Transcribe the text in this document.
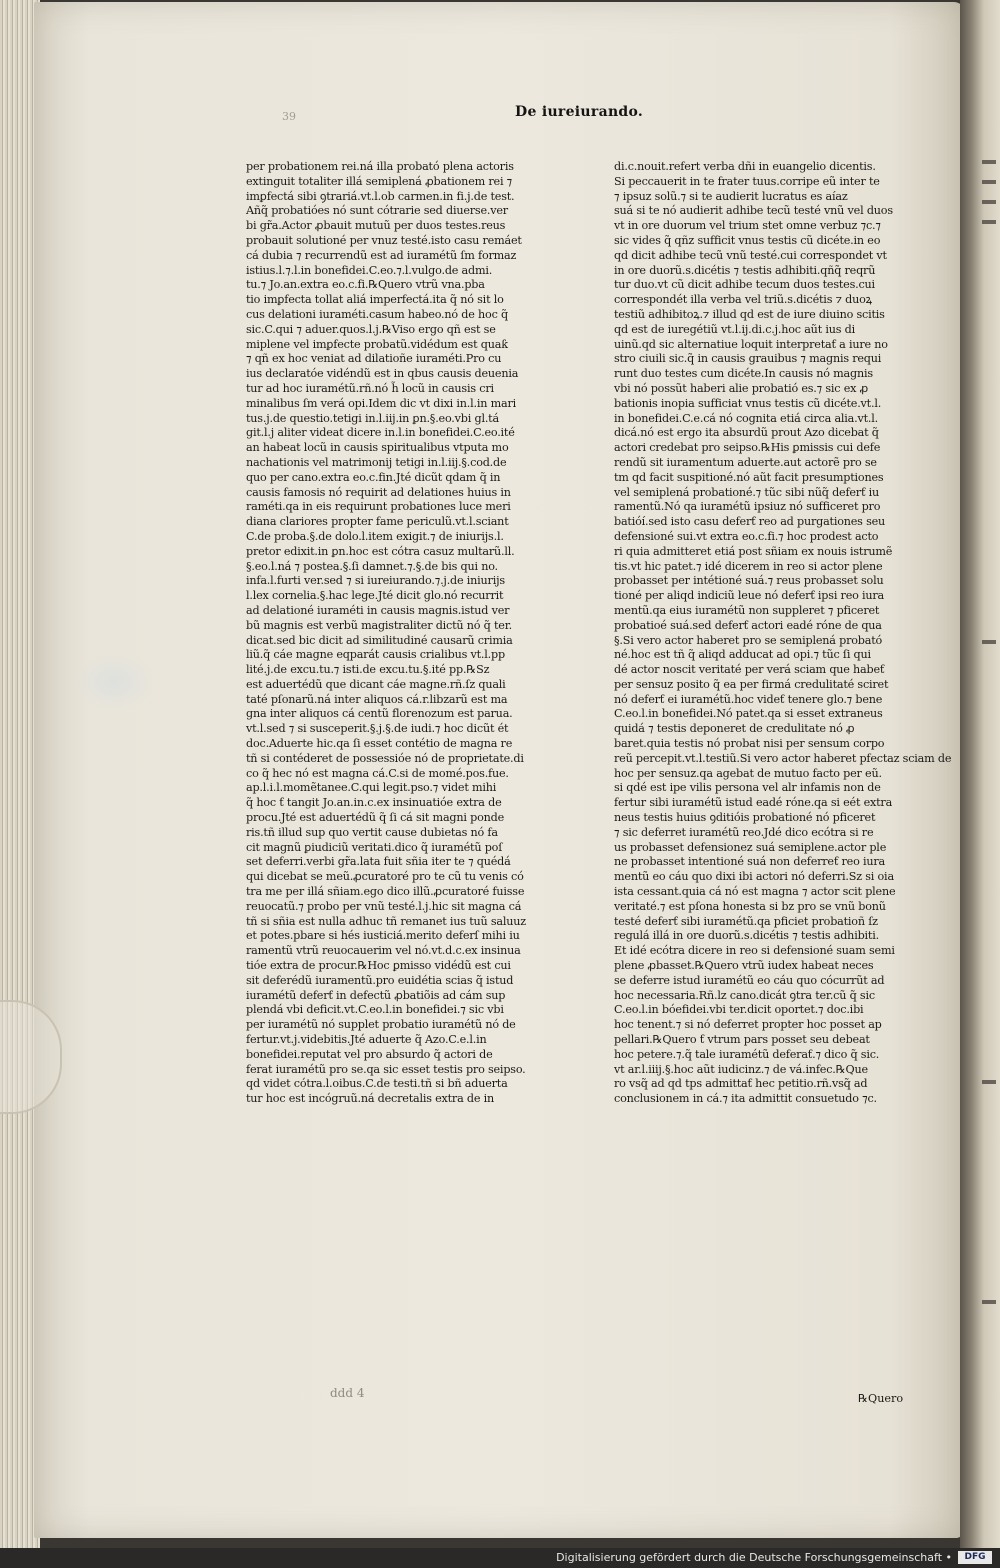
39	De iureiurando.
per probationem rei.ná illa probató plena actoris
extinguit totaliter illá semiplená ꝓbationem rei ⁊
imꝑfectá sibi ꝯtrariá.vt.l.ob carmen.in fi.j.de test.
Añq̃ probatióes nó sunt cótrarie sed diuerse.ver
bi gr̃a.Actor ꝓbauit mutuũ per duos testes.reus
probauit solutioné per vnuz testé.isto casu remáet
cá dubia ⁊ recurrendũ est ad iuramétũ ſm formaz
istius.l.⁊.l.in bonefidei.C.eo.⁊.l.vulgo.de admi.
tu.⁊ Jo.an.extra eo.c.fi.℞Quero vtrũ vna.pba
tio imꝑfecta tollat aliá imperfectá.ita q̃ nó sit lo
cus delationi iuraméti.casum habeo.nó de hoc q̃
sic.C.qui ⁊ aduer.quos.l.j.℞Viso ergo qñ est se
miplene vel imꝑfecte probatũ.vidédum est quaƙ
⁊ qñ ex hoc veniat ad dilatioñe iuraméti.Pro cu
ius declaratóe vidéndũ est in qbus causis deuenia
tur ad hoc iuramétũ.rñ.nó h̃ locũ in causis cri
minalibus ſm verá opi.Idem dic vt dixi in.l.in mari
tus.j.de questio.tetigi in.l.iij.in ꝑn.§.eo.vbi gl.tá
git.l.j aliter videat dicere in.l.in bonefidei.C.eo.ité
an habeat locũ in causis spiritualibus vtputa mo
nachationis vel matrimonij tetigi in.l.iij.§.cod.de
quo per cano.extra eo.c.fin.Jté dicũt qdam q̃ in
causis famosis nó requirit ad delationes huius in
raméti.qa in eis requirunt probationes luce meri
diana clariores propter fame periculũ.vt.l.sciant
C.de proba.§.de dolo.l.item exigit.⁊ de iniurijs.l.
pretor edixit.in ꝑn.hoc est cótra casuz multarũ.ll.
§.eo.l.ná ⁊ postea.§.ſi damnet.⁊.§.de bis qui no.
infa.l.furti ver.sed ⁊ si iureiurando.⁊.j.de iniurijs
l.lex cornelia.§.hac lege.Jté dicit glo.nó recurrit
ad delationé iuraméti in causis magnis.istud ver
bũ magnis est verbũ magistraliter dictũ nó q̃ ter.
dicat.sed bic dicit ad similitudiné causarũ crimia
liũ.q̃ cáe magne eqparát causis crialibus vt.l.pp
lité.j.de excu.tu.⁊ isti.de excu.tu.§.ité pp.℞Sz
est aduertédũ que dicant cáe magne.rñ.ſz quali
taté pſonarũ.ná inter aliquos cá.r.libzarũ est ma
gna inter aliquos cá centũ florenozum est parua.
vt.l.sed ⁊ si susceperit.§.j.§.de iudi.⁊ hoc dicũt ét
doc.Aduerte hic.qa ſi esset contétio de magna re
tñ si contéderet de possessióe nó de proprietate.di
co q̃ hec nó est magna cá.C.si de momé.pos.fue.
ap.l.i.l.momẽtanee.C.qui legit.pso.⁊ videt mihi
q̃ hoc ƭ tangit Jo.an.in.c.ex insinuatióe extra de
procu.Jté est aduertédũ q̃ ſi cá sit magni ponde
ris.tñ illud sup quo vertit cause dubietas nó fa
cit magnũ ꝑiudiciũ veritati.dico q̃ iuramétũ poſ
set deferri.verbi gr̃a.lata fuit sñia iter te ⁊ quédá
qui dicebat se meũ.ꝓcuratoré pro te cũ tu venis có
tra me per illá sñiam.ego dico illũ.ꝓcuratoré fuisse
reuocatũ.⁊ probo per vnũ testé.l.j.hic sit magna cá
tñ si sñia est nulla adhuc tñ remanet ius tuũ saluuz
et potes.pbare si hés iusticiá.merito deferſ mihi iu
ramentũ vtrũ reuocauerim vel nó.vt.d.c.ex insinua
tióe extra de procur.℞Hoc ꝑmisso vidédũ est cui
sit deferédũ iuramentũ.pro euidétia scias q̃ istud
iuramétũ deferƭ in defectũ ꝓbatiõis ad cám sup
plendá vbi deficit.vt.C.eo.l.in bonefidei.⁊ sic vbi
per iuramétũ nó supplet probatio iuramétũ nó de
fertur.vt.j.videbitis.Jté aduerte q̃ Azo.C.e.l.in
bonefidei.reputat vel pro absurdo q̃ actori de
ferat iuramétũ pro se.qa sic esset testis pro seipso.
qd videt cótra.l.oibus.C.de testi.tñ si bñ aduerta
tur hoc est incógruũ.ná decretalis extra de in
di.c.nouit.refert verba dñi in euangelio dicentis.
Si peccauerit in te frater tuus.corripe eũ inter te
⁊ ipsuz solũ.⁊ si te audierit lucratus es aíaz
suá si te nó audierit adhibe tecũ testé vnũ vel duos
vt in ore duorum vel trium stet omne verbuz ⁊c.⁊
sic vides q̃ qñz sufficit vnus testis cũ dicéte.in eo
qd dicit adhibe tecũ vnũ testé.cui correspondet vt
in ore duorũ.s.dicétis ⁊ testis adhibiti.qñq̃ reqrũ
tur duo.vt cũ dicit adhibe tecum duos testes.cui
correspondét illa verba vel triũ.s.dicétis ⁊ duoꝝ
testiũ adhibitoꝝ.⁊ illud qd est de iure diuino scitis
qd est de iuregétiũ vt.l.ij.di.c.j.hoc aũt ius di
uinũ.qd sic alternatiue loquit interpretaƭ a iure no
stro ciuili sic.q̃ in causis grauibus ⁊ magnis requi
runt duo testes cum dicéte.In causis nó magnis
vbi nó possũt haberi alie probatió es.⁊ sic ex ꝓ
bationis inopia sufficiat vnus testis cũ dicéte.vt.l.
in bonefidei.C.e.cá nó cognita etiá circa alia.vt.l.
dicá.nó est ergo ita absurdũ prout Azo dicebat q̃
actori credebat pro seipso.℞His ꝑmissis cui defe
rendũ sit iuramentum aduerte.aut actorẽ pro se
tm qd facit suspitioné.nó aũt facit presumptiones
vel semiplená probationé.⁊ tũc sibi nũq̃ deferƭ iu
ramentũ.Nó qa iuramétũ ipsiuz nó sufficeret pro
batióí.sed isto casu deferƭ reo ad purgationes seu
defensioné sui.vt extra eo.c.fi.⁊ hoc prodest acto
ri quia admitteret etiá post sñiam ex nouis istrumẽ
tis.vt hic patet.⁊ idé dicerem in reo si actor plene
probasset per intétioné suá.⁊ reus probasset solu
tioné per aliqd indiciũ leue nó deferƭ ipsi reo iura
mentũ.qa eius iuramétũ non suppleret ⁊ pficeret
probatioé suá.sed deferƭ actori eadé róne de qua
§.Si vero actor haberet pro se semiplená probató
né.hoc est tñ q̃ aliqd adducat ad opi.⁊ tũc ſi qui
dé actor noscit veritaté per verá sciam que habeƭ
per sensuz posito q̃ ea per firmá credulitaté sciret
nó deferƭ ei iuramétũ.hoc videƭ tenere glo.⁊ bene
C.eo.l.in bonefidei.Nó patet.qa si esset extraneus
quidá ⁊ testis deponeret de credulitate nó ꝓ
baret.quia testis nó probat nisi per sensum corpo
reũ percepit.vt.l.testiũ.Si vero actor haberet pfectaz sciam de
hoc per sensuz.qa agebat de mutuo facto per eũ.
si qdé est ipe vilis persona vel alr infamis non de
fertur sibi iuramétũ istud eadé róne.qa si eét extra
neus testis huius ꝯditióis probationé nó pficeret
⁊ sic deferret iuramétũ reo.Jdé dico ecótra si re
us probasset defensionez suá semiplene.actor ple
ne probasset intentioné suá non deferreƭ reo iura
mentũ eo cáu quo dixi ibi actori nó deferri.Sz si oia
ista cessant.quia cá nó est magna ⁊ actor scit plene
veritaté.⁊ est pſona honesta si bz pro se vnũ bonũ
testé deferƭ sibi iuramétũ.qa pficiet probatioñ ſz
regulá illá in ore duorũ.s.dicétis ⁊ testis adhibiti.
Et idé ecótra dicere in reo si defensioné suam semi
plene ꝓbasset.℞Quero vtrũ iudex habeat neces
se deferre istud iuramétũ eo cáu quo cócurrũt ad
hoc necessaria.Rñ.lz cano.dicát ꝯtra ter.cũ q̃ sic
C.eo.l.in bóefidei.vbi ter.dicit oportet.⁊ doc.ibi
hoc tenent.⁊ si nó deferret propter hoc posset ap
pellari.℞Quero ƭ vtrum pars posset seu debeat
hoc petere.⁊.q̃ tale iuramétũ deferaƭ.⁊ dico q̃ sic.
vt ar.l.iiij.§.hoc aũt iudicinz.⁊ de vá.infec.℞Que
ro vsq̃ ad qd tps admittaƭ hec petitio.rñ.vsq̃ ad
conclusionem in cá.⁊ ita admittit consuetudo ⁊c.
ddd 4	℞Quero
Digitalisierung gefördert durch die Deutsche Forschungsgemeinschaft •	DFG
